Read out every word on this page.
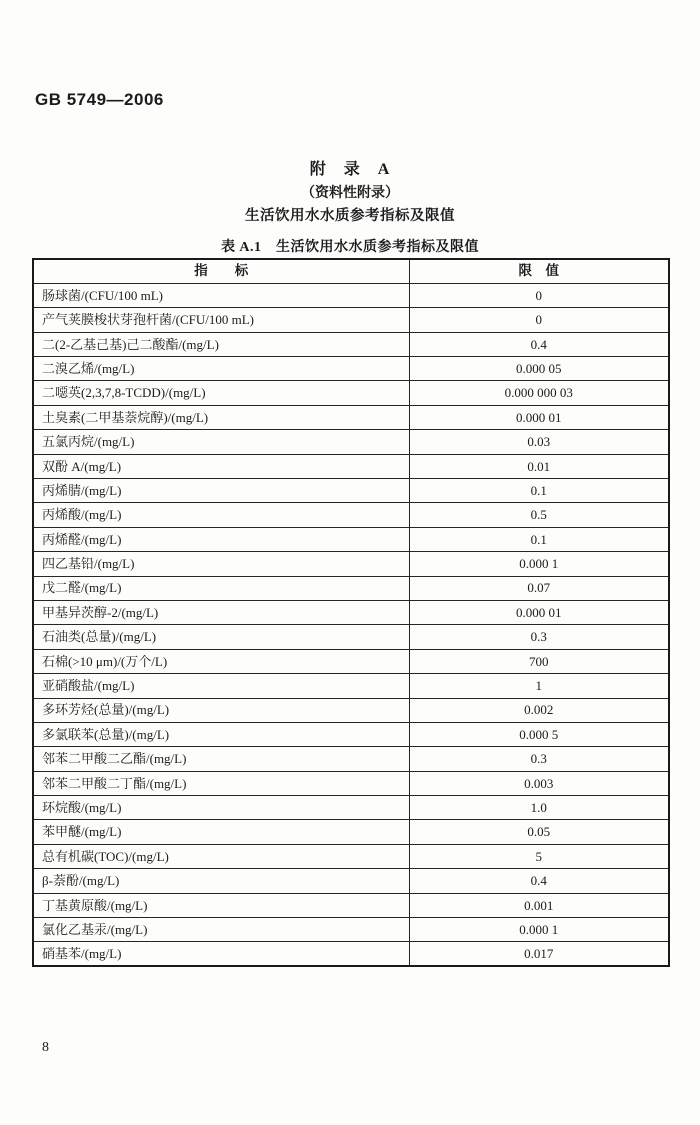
GB 5749—2006
附　录　A
（资料性附录）
生活饮用水水质参考指标及限值
表 A.1　生活饮用水水质参考指标及限值
指　　标	限　值
肠球菌/(CFU/100 mL)	0
产气荚膜梭状芽孢杆菌/(CFU/100 mL)	0
二(2-乙基己基)己二酸酯/(mg/L)	0.4
二溴乙烯/(mg/L)	0.000 05
二噁英(2,3,7,8-TCDD)/(mg/L)	0.000 000 03
土臭素(二甲基萘烷醇)/(mg/L)	0.000 01
五氯丙烷/(mg/L)	0.03
双酚 A/(mg/L)	0.01
丙烯腈/(mg/L)	0.1
丙烯酸/(mg/L)	0.5
丙烯醛/(mg/L)	0.1
四乙基铅/(mg/L)	0.000 1
戊二醛/(mg/L)	0.07
甲基异茨醇-2/(mg/L)	0.000 01
石油类(总量)/(mg/L)	0.3
石棉(>10 μm)/(万个/L)	700
亚硝酸盐/(mg/L)	1
多环芳烃(总量)/(mg/L)	0.002
多氯联苯(总量)/(mg/L)	0.000 5
邻苯二甲酸二乙酯/(mg/L)	0.3
邻苯二甲酸二丁酯/(mg/L)	0.003
环烷酸/(mg/L)	1.0
苯甲醚/(mg/L)	0.05
总有机碳(TOC)/(mg/L)	5
β-萘酚/(mg/L)	0.4
丁基黄原酸/(mg/L)	0.001
氯化乙基汞/(mg/L)	0.000 1
硝基苯/(mg/L)	0.017
8
